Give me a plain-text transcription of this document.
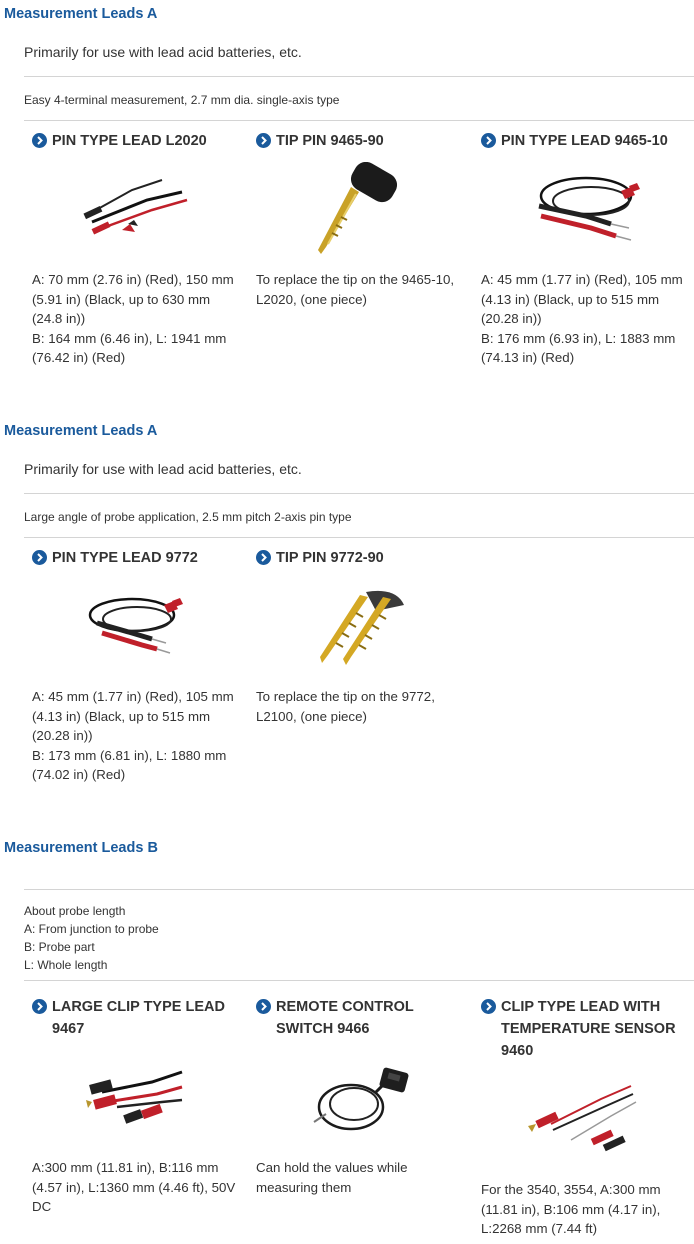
Measurement Leads A
Primarily for use with lead acid batteries, etc.
Easy 4-terminal measurement, 2.7 mm dia. single-axis type
PIN TYPE LEAD L2020
A: 70 mm (2.76 in) (Red), 150 mm (5.91 in) (Black, up to 630 mm (24.8 in))
B: 164 mm (6.46 in), L: 1941 mm (76.42 in) (Red)
TIP PIN 9465-90
To replace the tip on the 9465-10, L2020, (one piece)
PIN TYPE LEAD 9465-10
A: 45 mm (1.77 in) (Red), 105 mm (4.13 in) (Black, up to 515 mm (20.28 in))
B: 176 mm (6.93 in), L: 1883 mm (74.13 in) (Red)
Measurement Leads A
Primarily for use with lead acid batteries, etc.
Large angle of probe application, 2.5 mm pitch 2-axis pin type
PIN TYPE LEAD 9772
A: 45 mm (1.77 in) (Red), 105 mm (4.13 in) (Black, up to 515 mm (20.28 in))
B: 173 mm (6.81 in), L: 1880 mm (74.02 in) (Red)
TIP PIN 9772-90
To replace the tip on the 9772, L2100, (one piece)
Measurement Leads B
About probe length
A: From junction to probe
B: Probe part
L: Whole length
LARGE CLIP TYPE LEAD 9467
A:300 mm (11.81 in), B:116 mm (4.57 in), L:1360 mm (4.46 ft), 50V DC
REMOTE CONTROL SWITCH 9466
Can hold the values while measuring them
CLIP TYPE LEAD WITH TEMPERATURE SENSOR 9460
For the 3540, 3554, A:300 mm (11.81 in), B:106 mm (4.17 in), L:2268 mm (7.44 ft)
